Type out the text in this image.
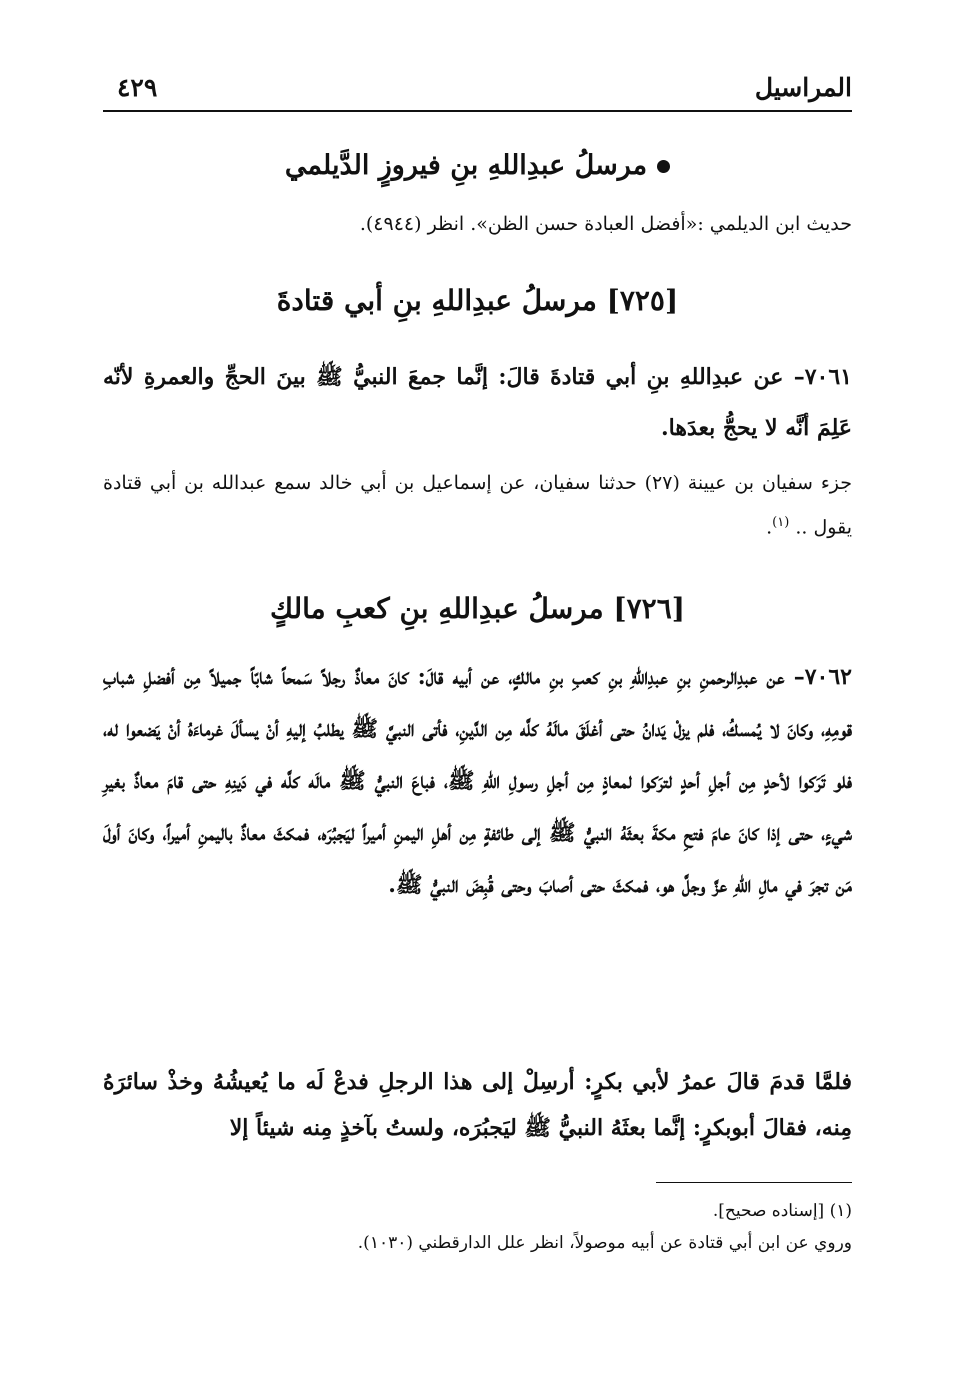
المراسيل
٤٢٩
مرسلُ عبدِاللهِ بنِ فيروزٍ الدَّيلمي
حديث ابن الديلمي :«أفضل العبادة حسن الظن». انظر (٤٩٤٤).
[٧٢٥] مرسلُ عبدِاللهِ بنِ أبي قتادةَ
٧٠٦١– عن عبدِاللهِ بنِ أبي قتادةَ قالَ: إنَّما جمعَ النبيُّ ﷺ بينَ الحجِّ والعمرةِ لأنّه عَلِمَ أنَّه لا يحجُّ بعدَها.
جزء سفيان بن عيينة (٢٧) حدثنا سفيان، عن إسماعيل بن أبي خالد سمع عبدالله بن أبي قتادة يقول .. $^{(١)}$.
[٧٢٦] مرسلُ عبدِاللهِ بنِ كعبِ مالكٍ
٧٠٦٢– عن عبدِالرحمنِ بنِ عبدِاللهِ بنِ كعبِ بنِ مالكٍ، عن أبيه قالَ: كانَ معاذٌ رجلاً سَمحاً شابّاً جميلاً مِن أفضلِ شبابِ قومِهِ، وكانَ لا يُمسكُ، فلم يزلْ يَدانُ حتى أغلَقَ مالَهُ كلَّه مِن الدَّينِ، فأتى النبيَّ ﷺ يطلبُ إليهِ أنْ يسألَ غرماءَهُ أنْ يَضعوا له، فلو تَرَكوا لأحدٍ مِن أجلِ أحدٍ لترَكوا لمعاذٍ مِن أجلِ رسولِ اللهِ ﷺ، فباعَ النبيُّ ﷺ مالَه كلَّه في دَينِهِ حتى قامَ معاذٌ بغيرِ شيءٍ، حتى إذا كانَ عامَ فتحِ مكةَ بعثَهُ النبيُّ ﷺ إلى طائفةٍ مِن أهلِ اليمنِ أميراً ليَجبُرَه، فمكثَ معاذٌ باليمنِ أميراً، وكانَ أولَ مَن تجرَ في مالِ اللهِ عزَّ وجلَّ هو، فمكثَ حتى أصابَ وحتى قُبِضَ النبيُّ ﷺ.
فلمَّا قدمَ قالَ عمرُ لأبي بكرٍ: أرسِلْ إلى هذا الرجلِ فدعْ لَه ما يُعيشُهُ وخذْ سائرَهُ مِنه، فقالَ أبوبكرٍ: إنَّما بعثَهُ النبيُّ ﷺ ليَجبُرَه، ولستُ بآخذٍ مِنه شيئاً إلا
(١) [إسناده صحيح].
وروي عن ابن أبي قتادة عن أبيه موصولاً، انظر علل الدارقطني (١٠٣٠).
